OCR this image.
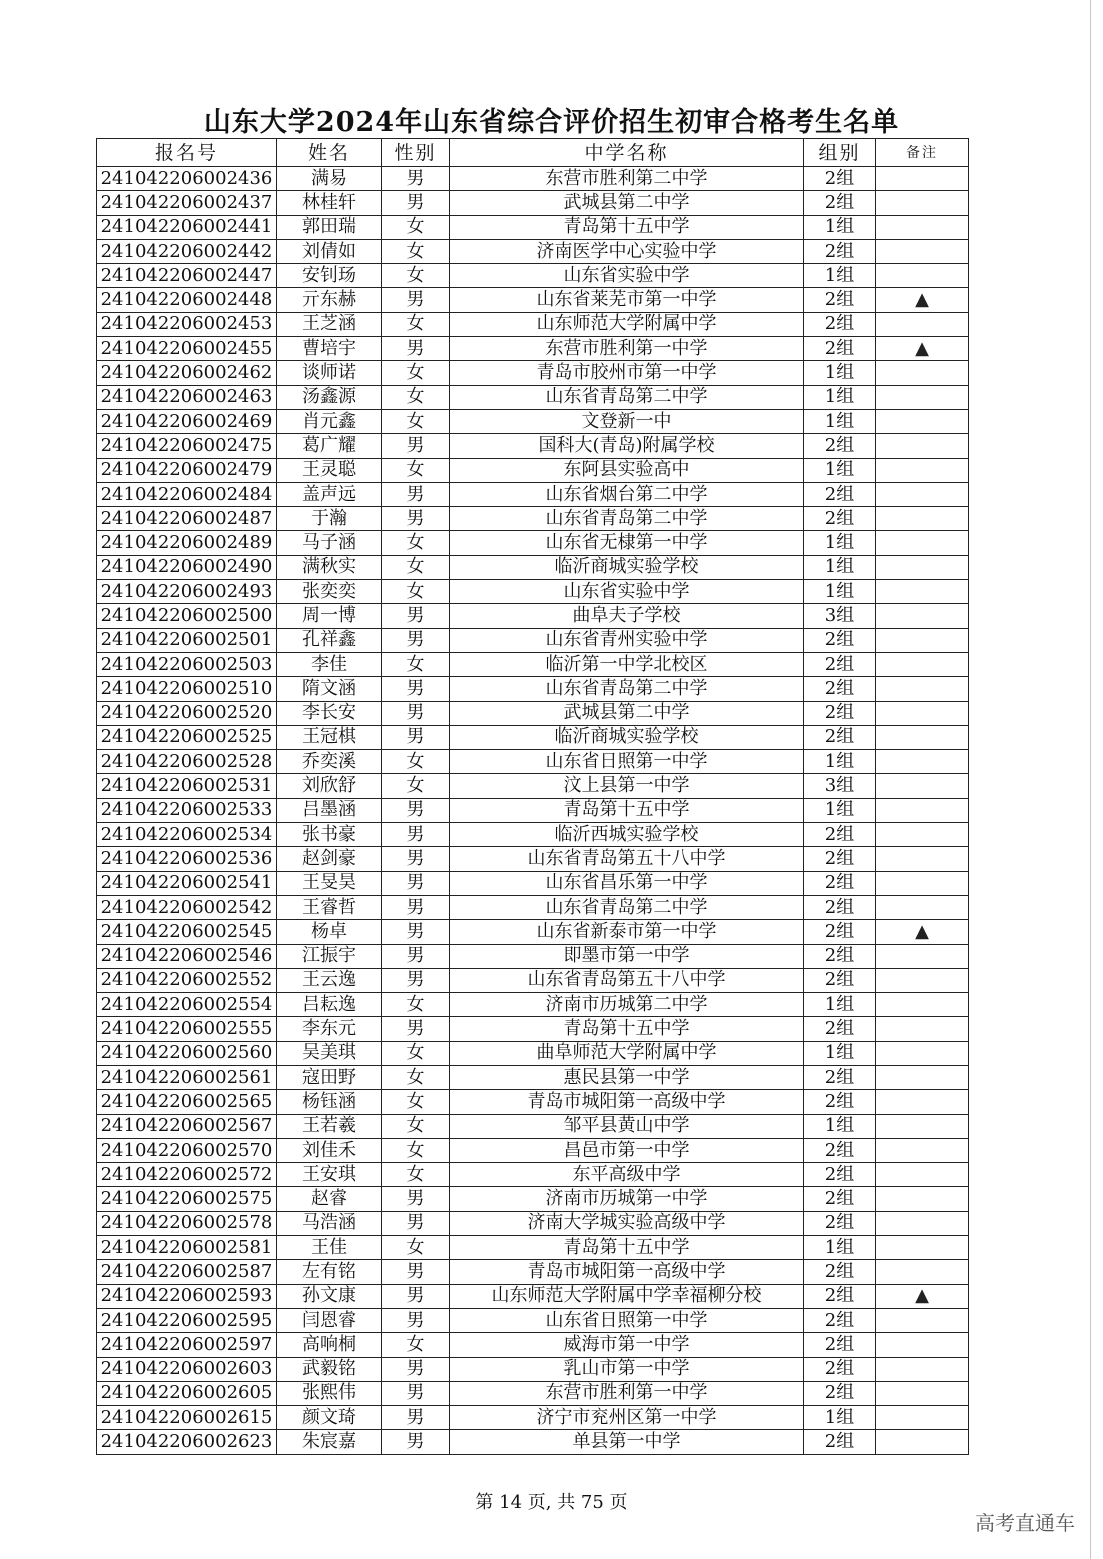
山东大学2024年山东省综合评价招生初审合格考生名单
报名号	姓名	性别	中学名称	组别	备注
241042206002436	满易	男	东营市胜利第二中学	2组	
241042206002437	林桂轩	男	武城县第二中学	2组	
241042206002441	郭田瑞	女	青岛第十五中学	1组	
241042206002442	刘倩如	女	济南医学中心实验中学	2组	
241042206002447	安钊玚	女	山东省实验中学	1组	
241042206002448	亓东赫	男	山东省莱芜市第一中学	2组	▲
241042206002453	王芝涵	女	山东师范大学附属中学	2组	
241042206002455	曹培宇	男	东营市胜利第一中学	2组	▲
241042206002462	谈师诺	女	青岛市胶州市第一中学	1组	
241042206002463	汤鑫源	女	山东省青岛第二中学	1组	
241042206002469	肖元鑫	女	文登新一中	1组	
241042206002475	葛广耀	男	国科大(青岛)附属学校	2组	
241042206002479	王灵聪	女	东阿县实验高中	1组	
241042206002484	盖声远	男	山东省烟台第二中学	2组	
241042206002487	于瀚	男	山东省青岛第二中学	2组	
241042206002489	马子涵	女	山东省无棣第一中学	1组	
241042206002490	满秋实	女	临沂商城实验学校	1组	
241042206002493	张奕奕	女	山东省实验中学	1组	
241042206002500	周一博	男	曲阜夫子学校	3组	
241042206002501	孔祥鑫	男	山东省青州实验中学	2组	
241042206002503	李佳	女	临沂第一中学北校区	2组	
241042206002510	隋文涵	男	山东省青岛第二中学	2组	
241042206002520	李长安	男	武城县第二中学	2组	
241042206002525	王冠棋	男	临沂商城实验学校	2组	
241042206002528	乔奕溪	女	山东省日照第一中学	1组	
241042206002531	刘欣舒	女	汶上县第一中学	3组	
241042206002533	吕墨涵	男	青岛第十五中学	1组	
241042206002534	张书豪	男	临沂西城实验学校	2组	
241042206002536	赵剑豪	男	山东省青岛第五十八中学	2组	
241042206002541	王旻昊	男	山东省昌乐第一中学	2组	
241042206002542	王睿哲	男	山东省青岛第二中学	2组	
241042206002545	杨卓	男	山东省新泰市第一中学	2组	▲
241042206002546	江振宇	男	即墨市第一中学	2组	
241042206002552	王云逸	男	山东省青岛第五十八中学	2组	
241042206002554	吕耘逸	女	济南市历城第二中学	1组	
241042206002555	李东元	男	青岛第十五中学	2组	
241042206002560	吴美琪	女	曲阜师范大学附属中学	1组	
241042206002561	寇田野	女	惠民县第一中学	2组	
241042206002565	杨钰涵	女	青岛市城阳第一高级中学	2组	
241042206002567	王若羲	女	邹平县黄山中学	1组	
241042206002570	刘佳禾	女	昌邑市第一中学	2组	
241042206002572	王安琪	女	东平高级中学	2组	
241042206002575	赵睿	男	济南市历城第一中学	2组	
241042206002578	马浩涵	男	济南大学城实验高级中学	2组	
241042206002581	王佳	女	青岛第十五中学	1组	
241042206002587	左有铭	男	青岛市城阳第一高级中学	2组	
241042206002593	孙文康	男	山东师范大学附属中学幸福柳分校	2组	▲
241042206002595	闫恩睿	男	山东省日照第一中学	2组	
241042206002597	高响桐	女	威海市第一中学	2组	
241042206002603	武毅铭	男	乳山市第一中学	2组	
241042206002605	张熙伟	男	东营市胜利第一中学	2组	
241042206002615	颜文琦	男	济宁市兖州区第一中学	1组	
241042206002623	朱宸嘉	男	单县第一中学	2组	
第 14 页, 共 75 页
高考直通车
